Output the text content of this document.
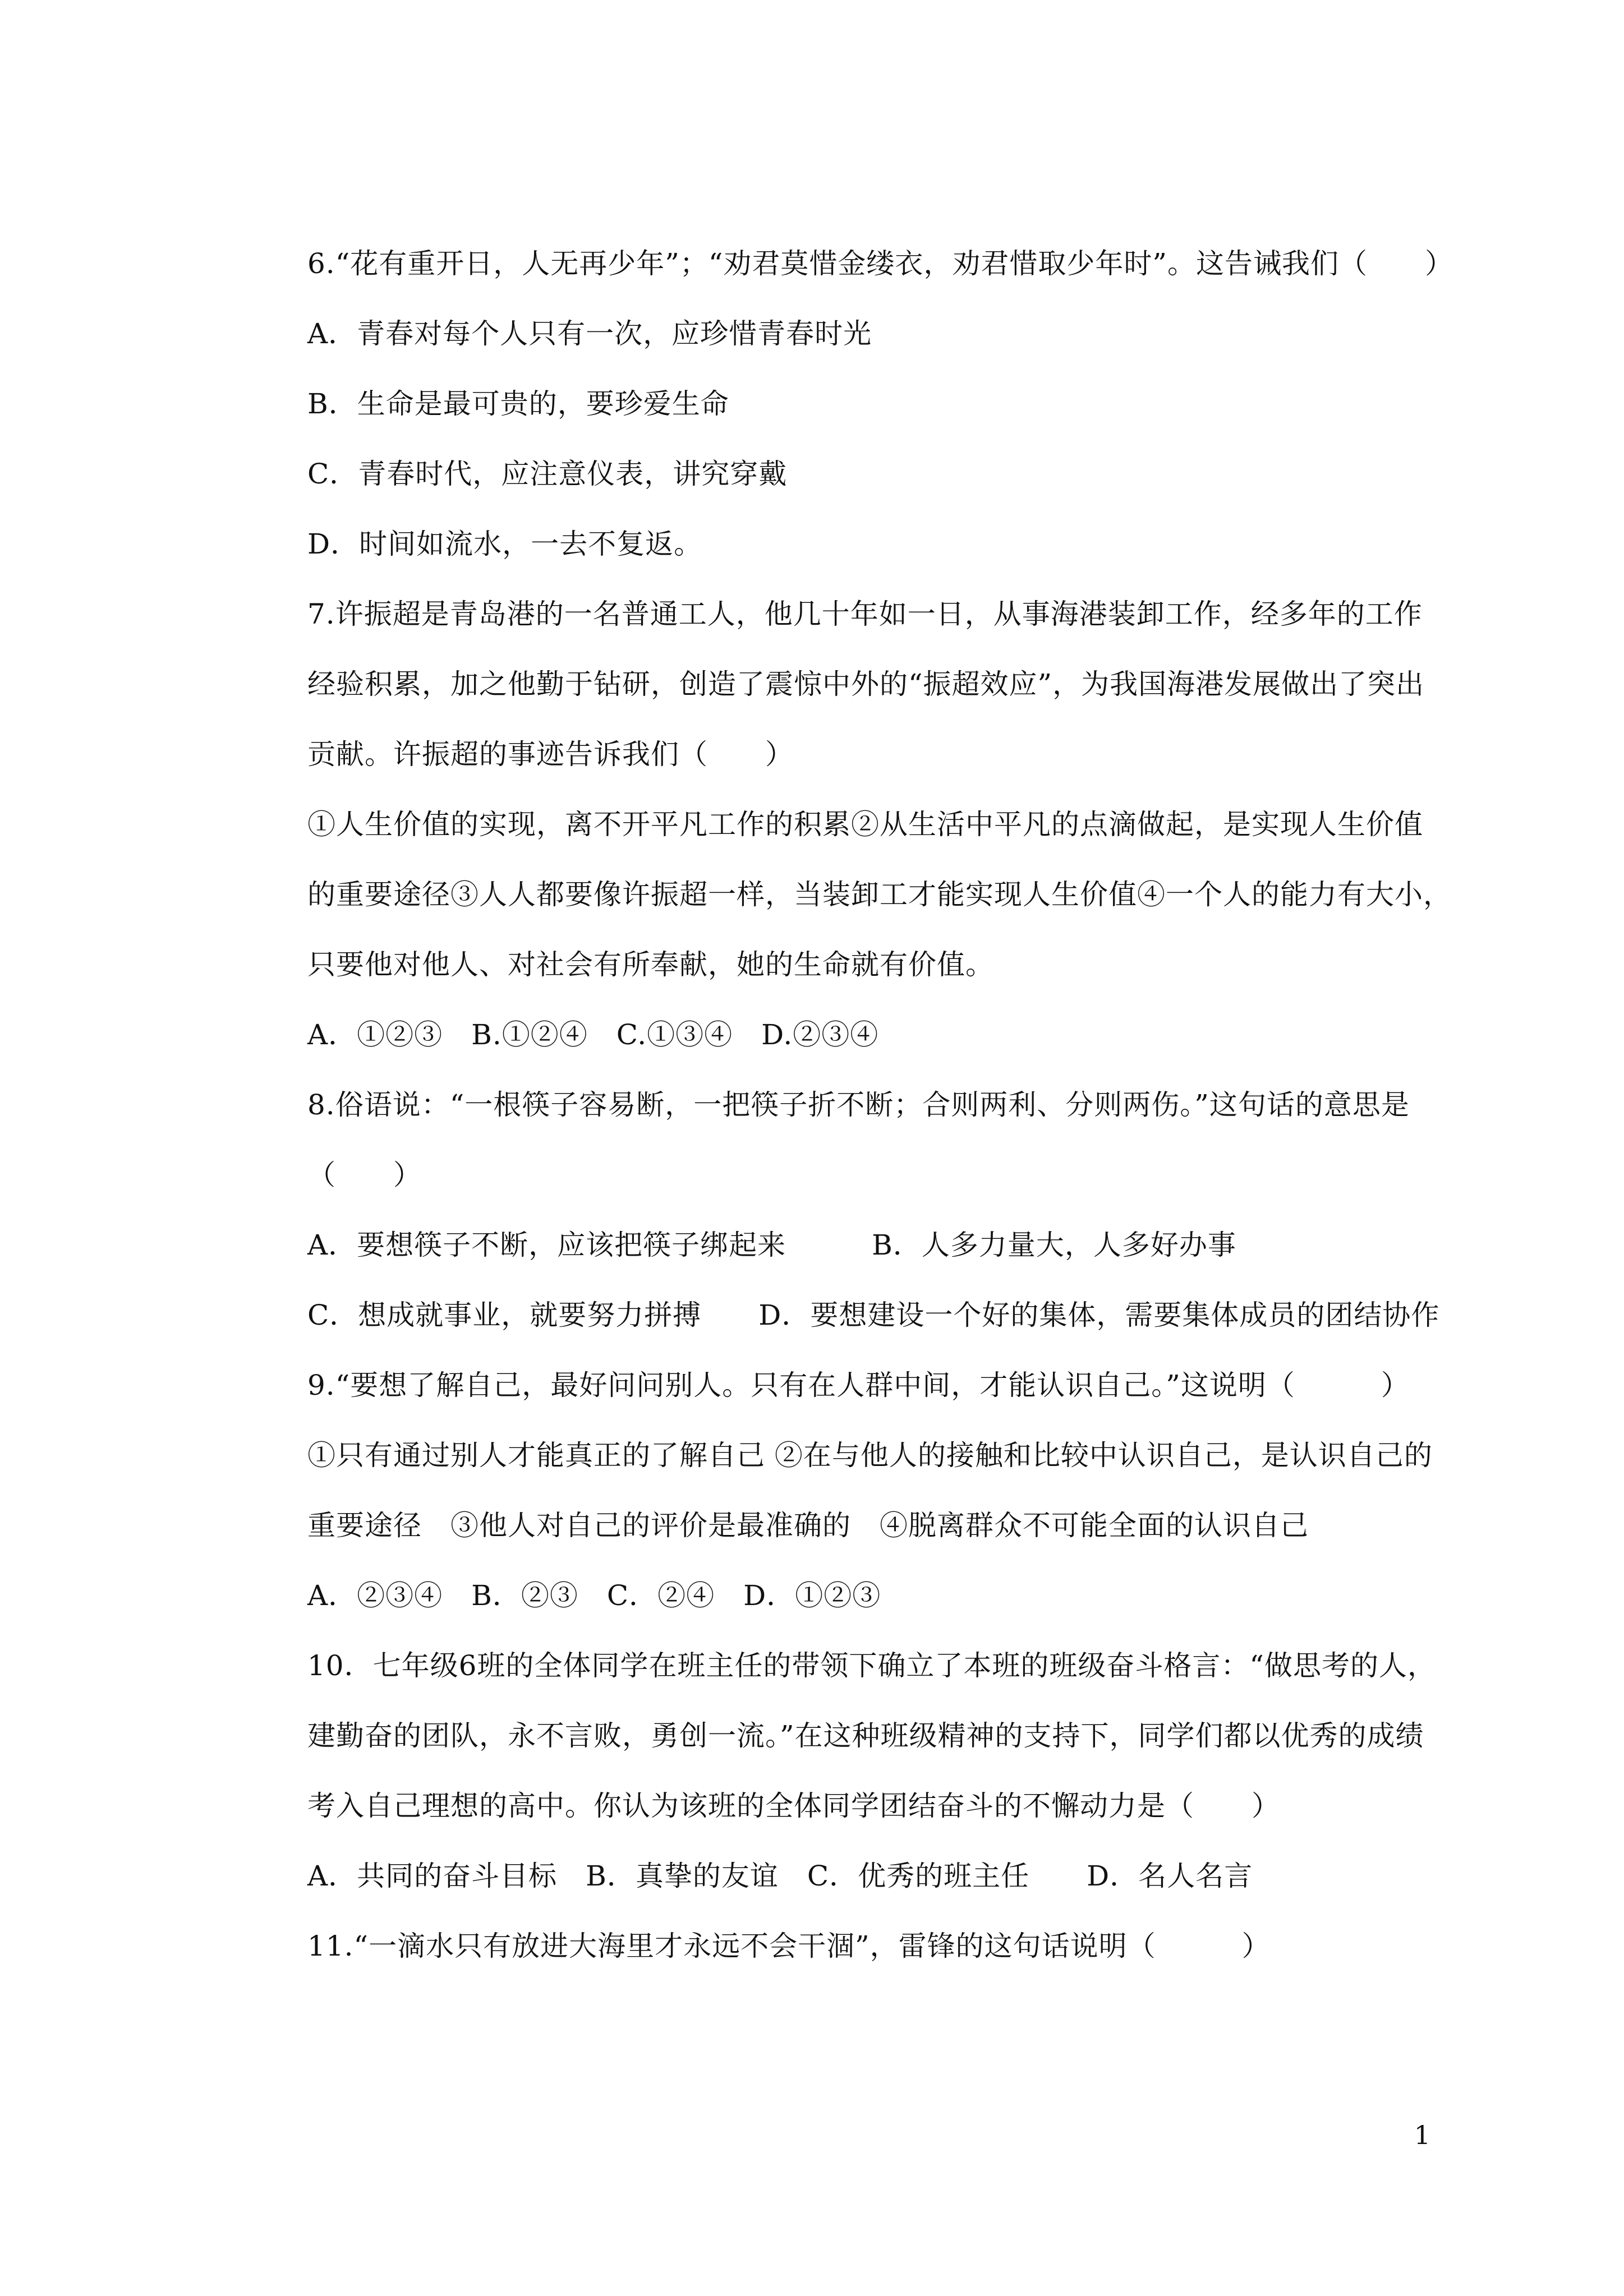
6.“花有重开日，人无再少年”；“劝君莫惜金缕衣，劝君惜取少年时”。这告诫我们（　　）
A．青春对每个人只有一次，应珍惜青春时光
B．生命是最可贵的，要珍爱生命
C．青春时代，应注意仪表，讲究穿戴
D．时间如流水，一去不复返。
7.许振超是青岛港的一名普通工人，他几十年如一日，从事海港装卸工作，经多年的工作
经验积累，加之他勤于钻研，创造了震惊中外的“振超效应”，为我国海港发展做出了突出
贡献。许振超的事迹告诉我们（　　）
①人生价值的实现，离不开平凡工作的积累②从生活中平凡的点滴做起，是实现人生价值
的重要途径③人人都要像许振超一样，当装卸工才能实现人生价值④一个人的能力有大小，
只要他对他人、对社会有所奉献，她的生命就有价值。
A．①②③　B.①②④　C.①③④　D.②③④
8.俗语说：“一根筷子容易断，一把筷子折不断；合则两利、分则两伤。”这句话的意思是
（　　）
A．要想筷子不断，应该把筷子绑起来　　　B．人多力量大，人多好办事
C．想成就事业，就要努力拼搏　　D．要想建设一个好的集体，需要集体成员的团结协作
9.“要想了解自己，最好问问别人。只有在人群中间，才能认识自己。”这说明（　　　）
①只有通过别人才能真正的了解自己 ②在与他人的接触和比较中认识自己，是认识自己的
重要途径　③他人对自己的评价是最准确的　④脱离群众不可能全面的认识自己
A．②③④　B．②③　C．②④　D．①②③
10．七年级6班的全体同学在班主任的带领下确立了本班的班级奋斗格言：“做思考的人，
建勤奋的团队，永不言败，勇创一流。”在这种班级精神的支持下，同学们都以优秀的成绩
考入自己理想的高中。你认为该班的全体同学团结奋斗的不懈动力是（　　）
A．共同的奋斗目标　B．真挚的友谊　C．优秀的班主任　　D．名人名言
11.“一滴水只有放进大海里才永远不会干涸”，雷锋的这句话说明（　　　）
1
